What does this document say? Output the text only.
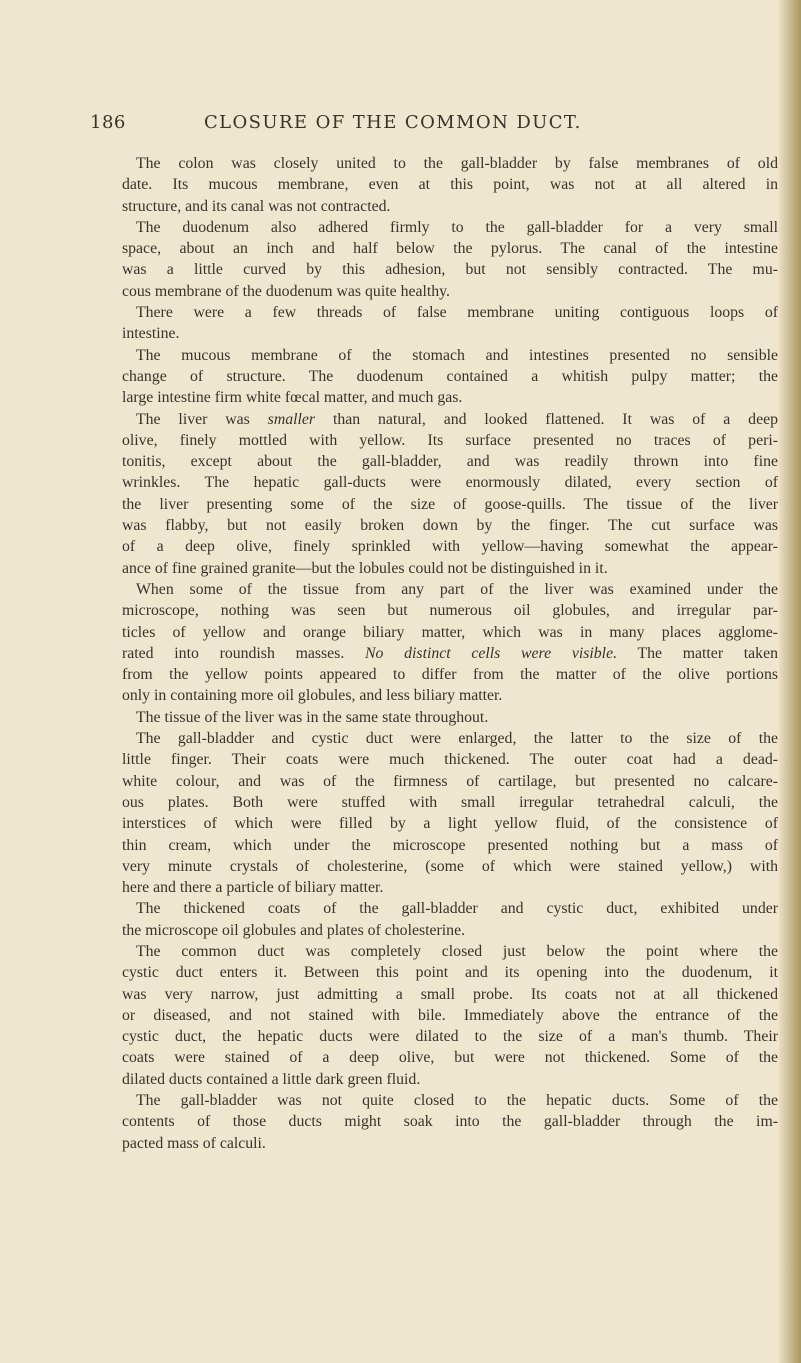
186	CLOSURE OF THE COMMON DUCT.

The colon was closely united to the gall-bladder by false membranes of old
date. Its mucous membrane, even at this point, was not at all altered in
structure, and its canal was not contracted.

The duodenum also adhered firmly to the gall-bladder for a very small
space, about an inch and half below the pylorus. The canal of the intestine
was a little curved by this adhesion, but not sensibly contracted. The mu-
cous membrane of the duodenum was quite healthy.

There were a few threads of false membrane uniting contiguous loops of
intestine.

The mucous membrane of the stomach and intestines presented no sensible
change of structure. The duodenum contained a whitish pulpy matter; the
large intestine firm white fœcal matter, and much gas.

The liver was smaller than natural, and looked flattened. It was of a deep
olive, finely mottled with yellow. Its surface presented no traces of peri-
tonitis, except about the gall-bladder, and was readily thrown into fine
wrinkles. The hepatic gall-ducts were enormously dilated, every section of
the liver presenting some of the size of goose-quills. The tissue of the liver
was flabby, but not easily broken down by the finger. The cut surface was
of a deep olive, finely sprinkled with yellow—having somewhat the appear-
ance of fine grained granite—but the lobules could not be distinguished in it.

When some of the tissue from any part of the liver was examined under the
microscope, nothing was seen but numerous oil globules, and irregular par-
ticles of yellow and orange biliary matter, which was in many places agglome-
rated into roundish masses. No distinct cells were visible. The matter taken
from the yellow points appeared to differ from the matter of the olive portions
only in containing more oil globules, and less biliary matter.

The tissue of the liver was in the same state throughout.

The gall-bladder and cystic duct were enlarged, the latter to the size of the
little finger. Their coats were much thickened. The outer coat had a dead-
white colour, and was of the firmness of cartilage, but presented no calcare-
ous plates. Both were stuffed with small irregular tetrahedral calculi, the
interstices of which were filled by a light yellow fluid, of the consistence of
thin cream, which under the microscope presented nothing but a mass of
very minute crystals of cholesterine, (some of which were stained yellow,) with
here and there a particle of biliary matter.

The thickened coats of the gall-bladder and cystic duct, exhibited under
the microscope oil globules and plates of cholesterine.

The common duct was completely closed just below the point where the
cystic duct enters it. Between this point and its opening into the duodenum, it
was very narrow, just admitting a small probe. Its coats not at all thickened
or diseased, and not stained with bile. Immediately above the entrance of the
cystic duct, the hepatic ducts were dilated to the size of a man's thumb. Their
coats were stained of a deep olive, but were not thickened. Some of the
dilated ducts contained a little dark green fluid.

The gall-bladder was not quite closed to the hepatic ducts. Some of the
contents of those ducts might soak into the gall-bladder through the im-
pacted mass of calculi.
